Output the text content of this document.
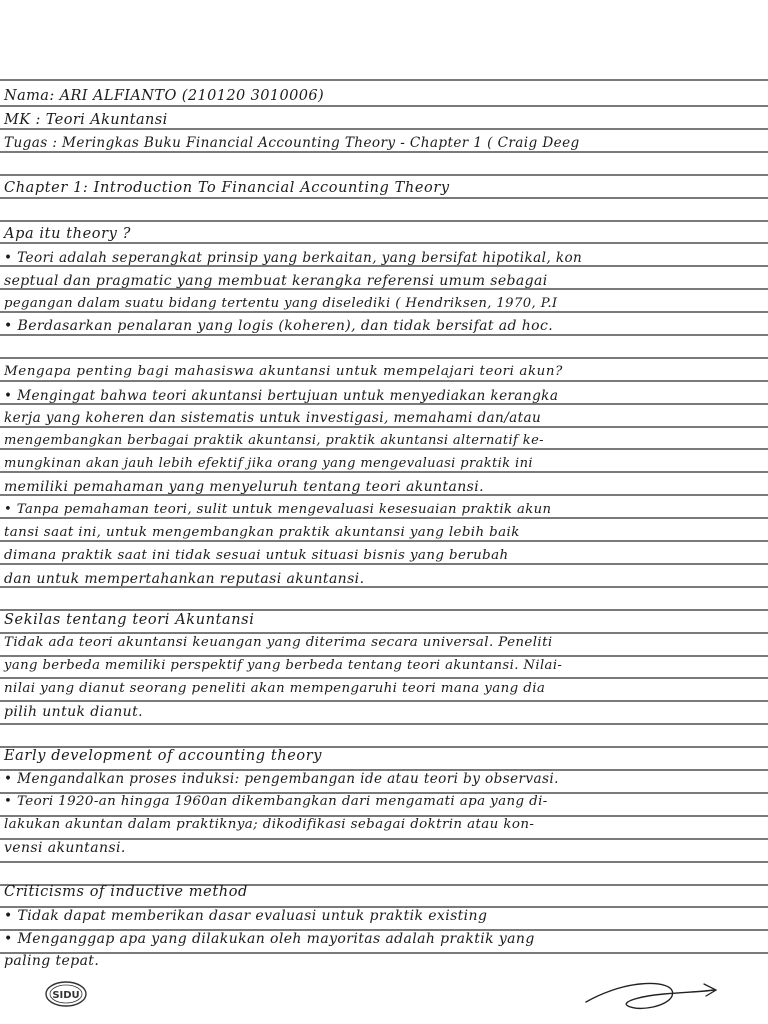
Nama: ARI ALFIANTO (210120 3010006)
MK : Teori Akuntansi
Tugas : Meringkas Buku Financial Accounting Theory - Chapter 1 ( Craig Deeg
Chapter 1: Introduction To Financial Accounting Theory
Apa itu theory ?
• Teori adalah seperangkat prinsip yang berkaitan, yang bersifat hipotikal, kon
septual dan pragmatic yang membuat kerangka referensi umum sebagai
pegangan dalam suatu bidang tertentu yang diselediki ( Hendriksen, 1970, P.I
• Berdasarkan penalaran yang logis (koheren), dan tidak bersifat ad hoc.
Mengapa penting bagi mahasiswa akuntansi untuk mempelajari teori akun?
• Mengingat bahwa teori akuntansi bertujuan untuk menyediakan kerangka
kerja yang koheren dan sistematis untuk investigasi, memahami dan/atau
mengembangkan berbagai praktik akuntansi, praktik akuntansi alternatif ke-
mungkinan akan jauh lebih efektif jika orang yang mengevaluasi praktik ini
memiliki pemahaman yang menyeluruh tentang teori akuntansi.
• Tanpa pemahaman teori, sulit untuk mengevaluasi kesesuaian praktik akun
tansi saat ini, untuk mengembangkan praktik akuntansi yang lebih baik
dimana praktik saat ini tidak sesuai untuk situasi bisnis yang berubah
dan untuk mempertahankan reputasi akuntansi.
Sekilas tentang teori Akuntansi
Tidak ada teori akuntansi keuangan yang diterima secara universal. Peneliti
yang berbeda memiliki perspektif yang berbeda tentang teori akuntansi. Nilai-
nilai yang dianut seorang peneliti akan mempengaruhi teori mana yang dia
pilih untuk dianut.
Early development of accounting theory
• Mengandalkan proses induksi: pengembangan ide atau teori by observasi.
• Teori 1920-an hingga 1960an dikembangkan dari mengamati apa yang di-
lakukan akuntan dalam praktiknya; dikodifikasi sebagai doktrin atau kon-
vensi akuntansi.
Criticisms of inductive method
• Tidak dapat memberikan dasar evaluasi untuk praktik existing
• Menganggap apa yang dilakukan oleh mayoritas adalah praktik yang
paling tepat.
SIDU
